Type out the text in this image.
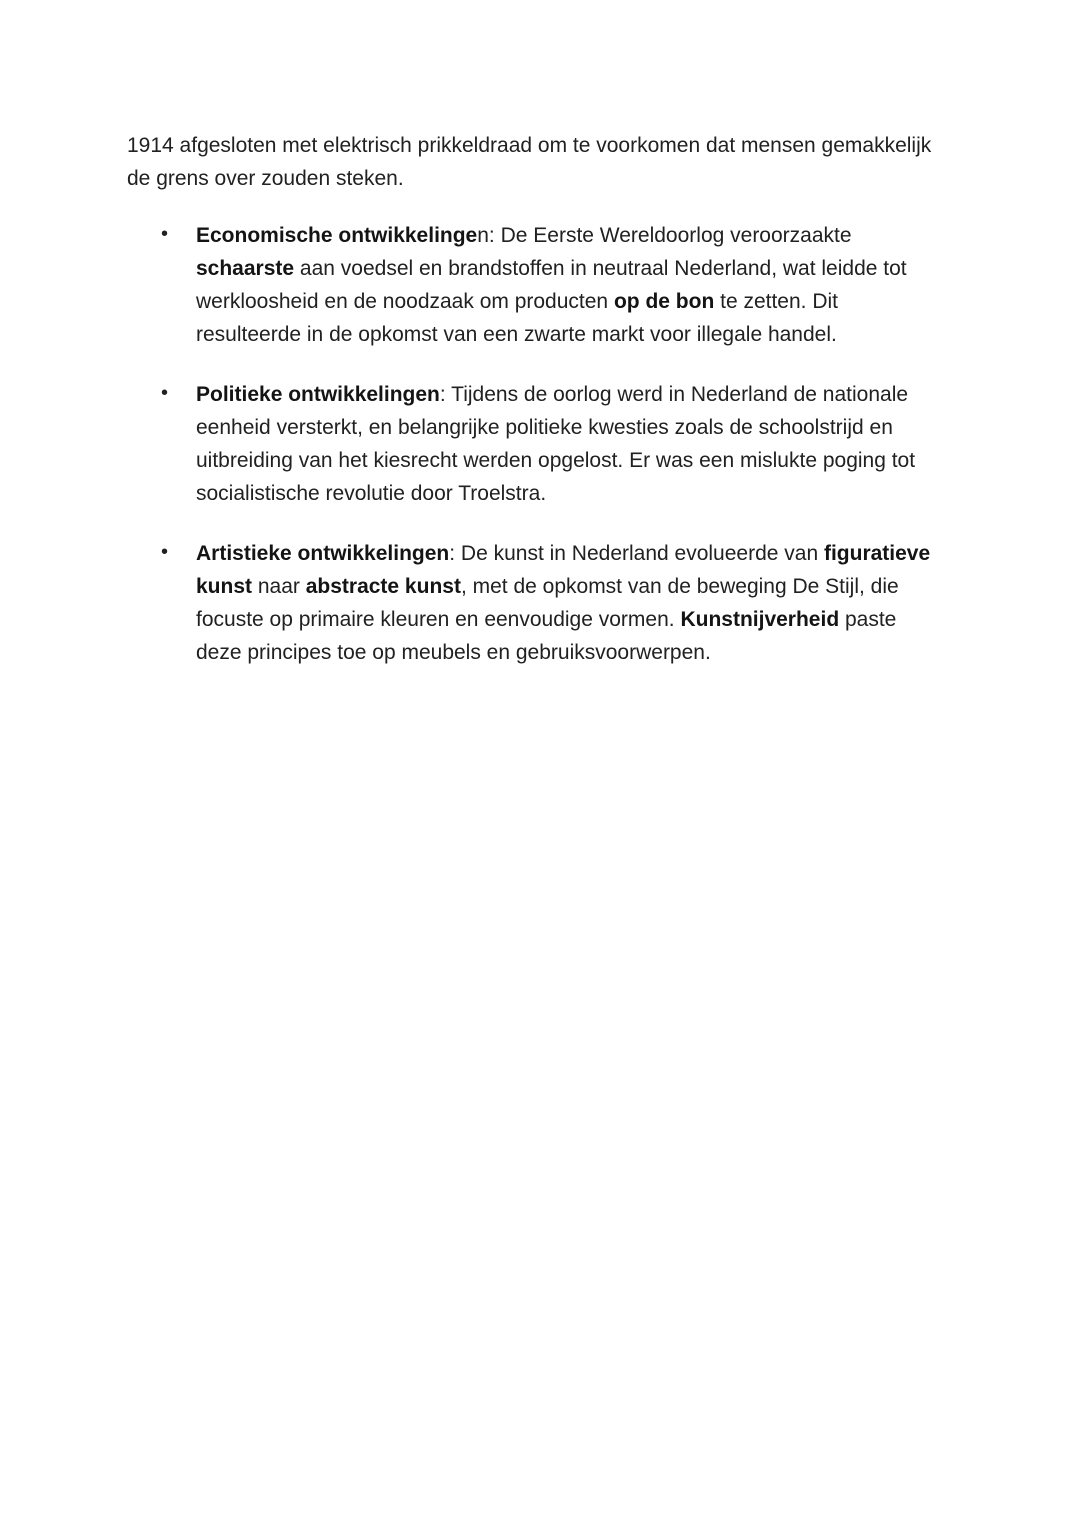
1914 afgesloten met elektrisch prikkeldraad om te voorkomen dat mensen gemakkelijk de grens over zouden steken.

• Economische ontwikkelingen: De Eerste Wereldoorlog veroorzaakte schaarste aan voedsel en brandstoffen in neutraal Nederland, wat leidde tot werkloosheid en de noodzaak om producten op de bon te zetten. Dit resulteerde in de opkomst van een zwarte markt voor illegale handel.
• Politieke ontwikkelingen: Tijdens de oorlog werd in Nederland de nationale eenheid versterkt, en belangrijke politieke kwesties zoals de schoolstrijd en uitbreiding van het kiesrecht werden opgelost. Er was een mislukte poging tot socialistische revolutie door Troelstra.
• Artistieke ontwikkelingen: De kunst in Nederland evolueerde van figuratieve kunst naar abstracte kunst, met de opkomst van de beweging De Stijl, die focuste op primaire kleuren en eenvoudige vormen. Kunstnijverheid paste deze principes toe op meubels en gebruiksvoorwerpen.
